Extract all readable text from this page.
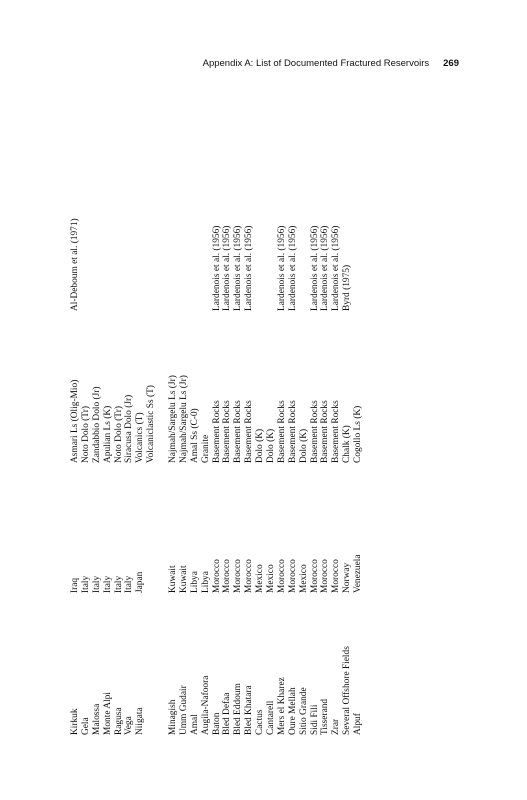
Appendix A: List of Documented Fractured Reservoirs 269
Kirkuk
Iraq
Asmari Ls (Olig-Mio)
Al-Deboum et al. (1971)
Gela
Italy
Noto Dolo (Tr)
Malossa
Italy
Zandabbio Dolo (Jr)
Monte Alpi
Italy
Apulian Ls (K)
Ragusa
Italy
Noto Dolo (Tr)
Vega
Italy
Siracusa Dolo (Jr)
Niigata
Japan
Volcanics (T) Volcaniclastic Ss (T)
Minagish
Kuwait
Najmah/Sargelu Ls (Jr)
Umm Gudair
Kuwait
Najmah/Sargelu Ls (Jr)
Amal
Libya
Amal Ss (C-0)
Augila-Nafoora
Libya
Granite
Baton
Morocco
Basement Rocks
Lardenois et al. (1956)
Bled Defaa
Morocco
Basement Rocks
Lardenois et al. (1956)
Bled Eddoum
Morocco
Basement Rocks
Lardenois et al. (1956)
Bled Khatara
Morocco
Basement Rocks
Lardenois et al. (1956)
Cactus
Mexico
Dolo (K)
Cantarell
Mexico
Dolo (K)
Mers el Kharez
Morocco
Basement Rocks
Lardenois et al. (1956)
Oure Mellah
Morocco
Basement Rocks
Lardenois et al. (1956)
Sitio Grande
Mexico
Dolo (K)
Sidi Fili
Morocco
Basement Rocks
Lardenois et al. (1956)
Tisserand
Morocco
Basement Rocks
Lardenois et al. (1956)
Zrar
Morocco
Basement Rocks
Lardenois et al. (1956)
Several Offshore Fields
Norway
Chalk (K)
Byrd (1975)
Alpuf
Venezuela
Cogollo Ls (K)
